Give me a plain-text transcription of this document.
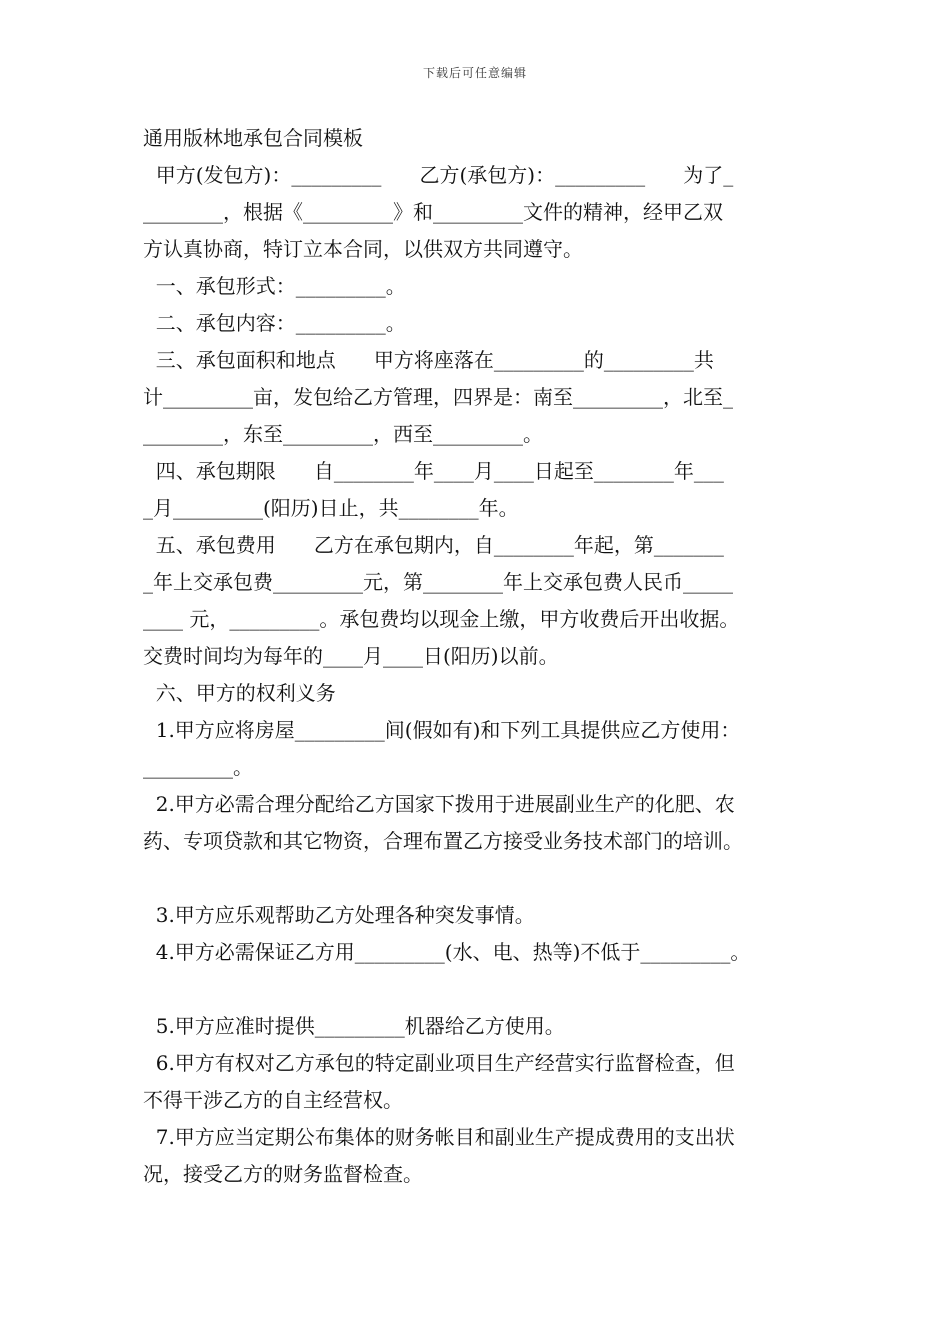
下载后可任意编辑
通用版林地承包合同模板
甲方(发包方)：_________      乙方(承包方)：_________      为了_
________，根据《_________》和_________文件的精神，经甲乙双
方认真协商，特订立本合同，以供双方共同遵守。
一、承包形式：_________。
二、承包内容：_________。
三、承包面积和地点      甲方将座落在_________的_________共
计_________亩，发包给乙方管理，四界是：南至_________，北至_
________，东至_________，西至_________。
四、承包期限      自________年____月____日起至________年___
_月_________(阳历)日止，共________年。
五、承包费用      乙方在承包期内，自________年起，第_______
_年上交承包费_________元，第________年上交承包费人民币_____
____ 元，_________。承包费均以现金上缴，甲方收费后开出收据。
交费时间均为每年的____月____日(阳历)以前。
六、甲方的权利义务
1.甲方应将房屋_________间(假如有)和下列工具提供应乙方使用：
_________。
2.甲方必需合理分配给乙方国家下拨用于进展副业生产的化肥、农
药、专项贷款和其它物资，合理布置乙方接受业务技术部门的培训。
3.甲方应乐观帮助乙方处理各种突发事情。
4.甲方必需保证乙方用_________(水、电、热等)不低于_________。
5.甲方应准时提供_________机器给乙方使用。
6.甲方有权对乙方承包的特定副业项目生产经营实行监督检查，但
不得干涉乙方的自主经营权。
7.甲方应当定期公布集体的财务帐目和副业生产提成费用的支出状
况，接受乙方的财务监督检查。
